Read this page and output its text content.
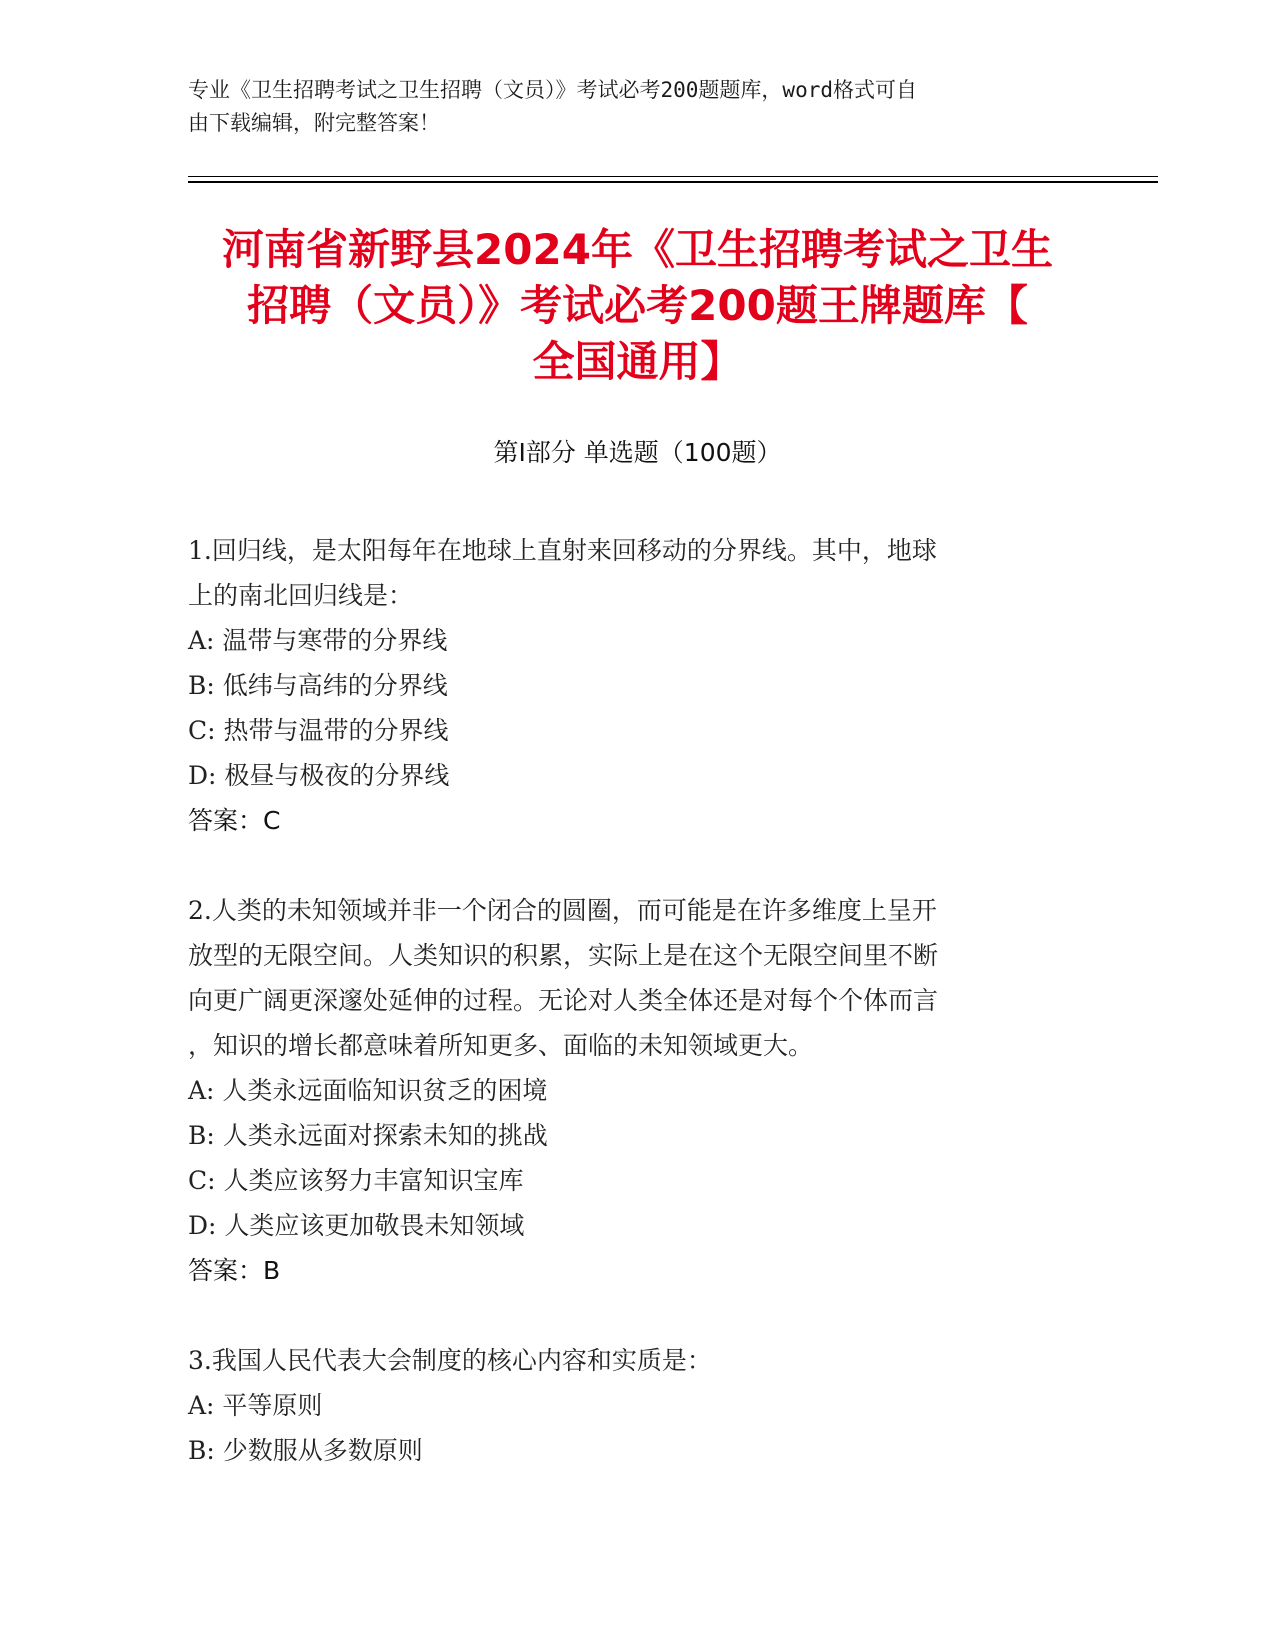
专业《卫生招聘考试之卫生招聘（文员）》考试必考200题题库，word格式可自
由下载编辑，附完整答案！
河南省新野县2024年《卫生招聘考试之卫生
招聘（文员）》考试必考200题王牌题库【
全国通用】
第Ⅰ部分 单选题（100题）

1.回归线，是太阳每年在地球上直射来回移动的分界线。其中，地球
上的南北回归线是：

A: 温带与寒带的分界线

B: 低纬与高纬的分界线

C: 热带与温带的分界线

D: 极昼与极夜的分界线

答案：C

2.人类的未知领域并非一个闭合的圆圈，而可能是在许多维度上呈开
放型的无限空间。人类知识的积累，实际上是在这个无限空间里不断
向更广阔更深邃处延伸的过程。无论对人类全体还是对每个个体而言
，知识的增长都意味着所知更多、面临的未知领域更大。

A: 人类永远面临知识贫乏的困境

B: 人类永远面对探索未知的挑战

C: 人类应该努力丰富知识宝库

D: 人类应该更加敬畏未知领域

答案：B

3.我国人民代表大会制度的核心内容和实质是：

A: 平等原则

B: 少数服从多数原则
